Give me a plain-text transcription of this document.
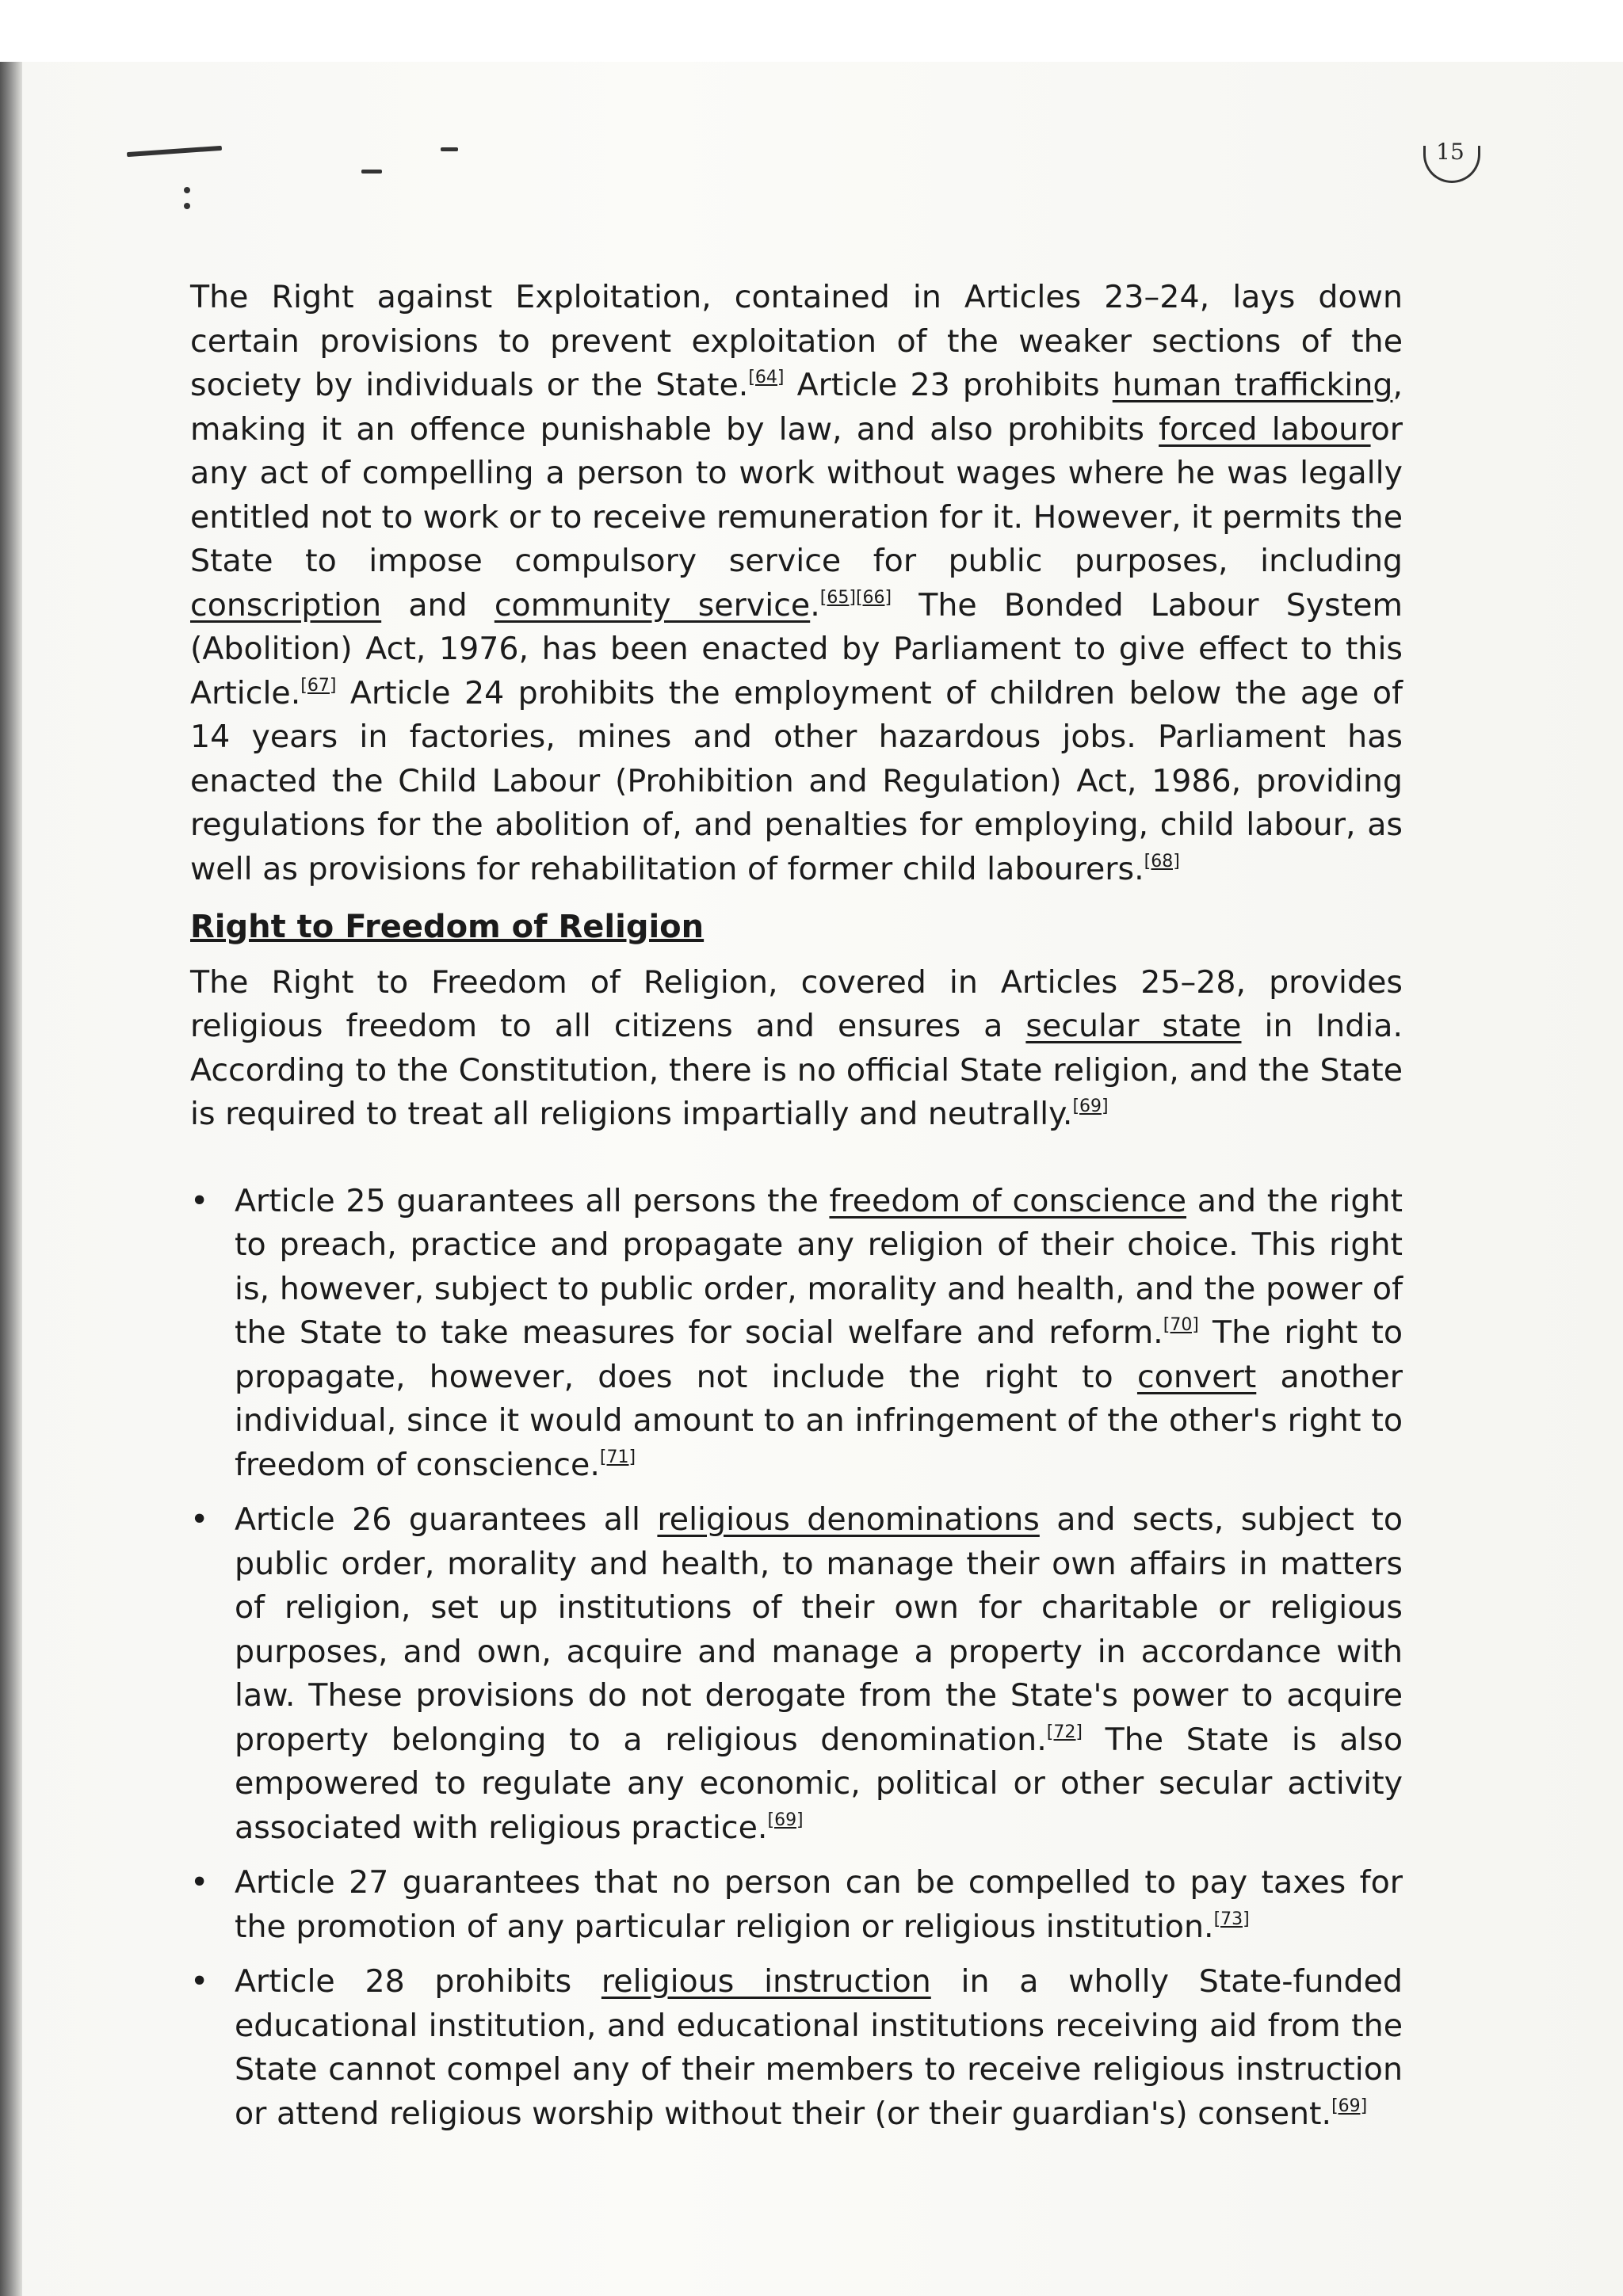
15

The Right against Exploitation, contained in Articles 23–24, lays down certain provisions to prevent exploitation of the weaker sections of the society by individuals or the State.[64] Article 23 prohibits human trafficking, making it an offence punishable by law, and also prohibits forced labouror any act of compelling a person to work without wages where he was legally entitled not to work or to receive remuneration for it. However, it permits the State to impose compulsory service for public purposes, including conscription and community service.[65][66] The Bonded Labour System (Abolition) Act, 1976, has been enacted by Parliament to give effect to this Article.[67] Article 24 prohibits the employment of children below the age of 14 years in factories, mines and other hazardous jobs. Parliament has enacted the Child Labour (Prohibition and Regulation) Act, 1986, providing regulations for the abolition of, and penalties for employing, child labour, as well as provisions for rehabilitation of former child labourers.[68]

Right to Freedom of Religion

The Right to Freedom of Religion, covered in Articles 25–28, provides religious freedom to all citizens and ensures a secular state in India. According to the Constitution, there is no official State religion, and the State is required to treat all religions impartially and neutrally.[69]

• Article 25 guarantees all persons the freedom of conscience and the right to preach, practice and propagate any religion of their choice. This right is, however, subject to public order, morality and health, and the power of the State to take measures for social welfare and reform.[70] The right to propagate, however, does not include the right to convert another individual, since it would amount to an infringement of the other's right to freedom of conscience.[71]
• Article 26 guarantees all religious denominations and sects, subject to public order, morality and health, to manage their own affairs in matters of religion, set up institutions of their own for charitable or religious purposes, and own, acquire and manage a property in accordance with law. These provisions do not derogate from the State's power to acquire property belonging to a religious denomination.[72] The State is also empowered to regulate any economic, political or other secular activity associated with religious practice.[69]
• Article 27 guarantees that no person can be compelled to pay taxes for the promotion of any particular religion or religious institution.[73]
• Article 28 prohibits religious instruction in a wholly State-funded educational institution, and educational institutions receiving aid from the State cannot compel any of their members to receive religious instruction or attend religious worship without their (or their guardian's) consent.[69]
